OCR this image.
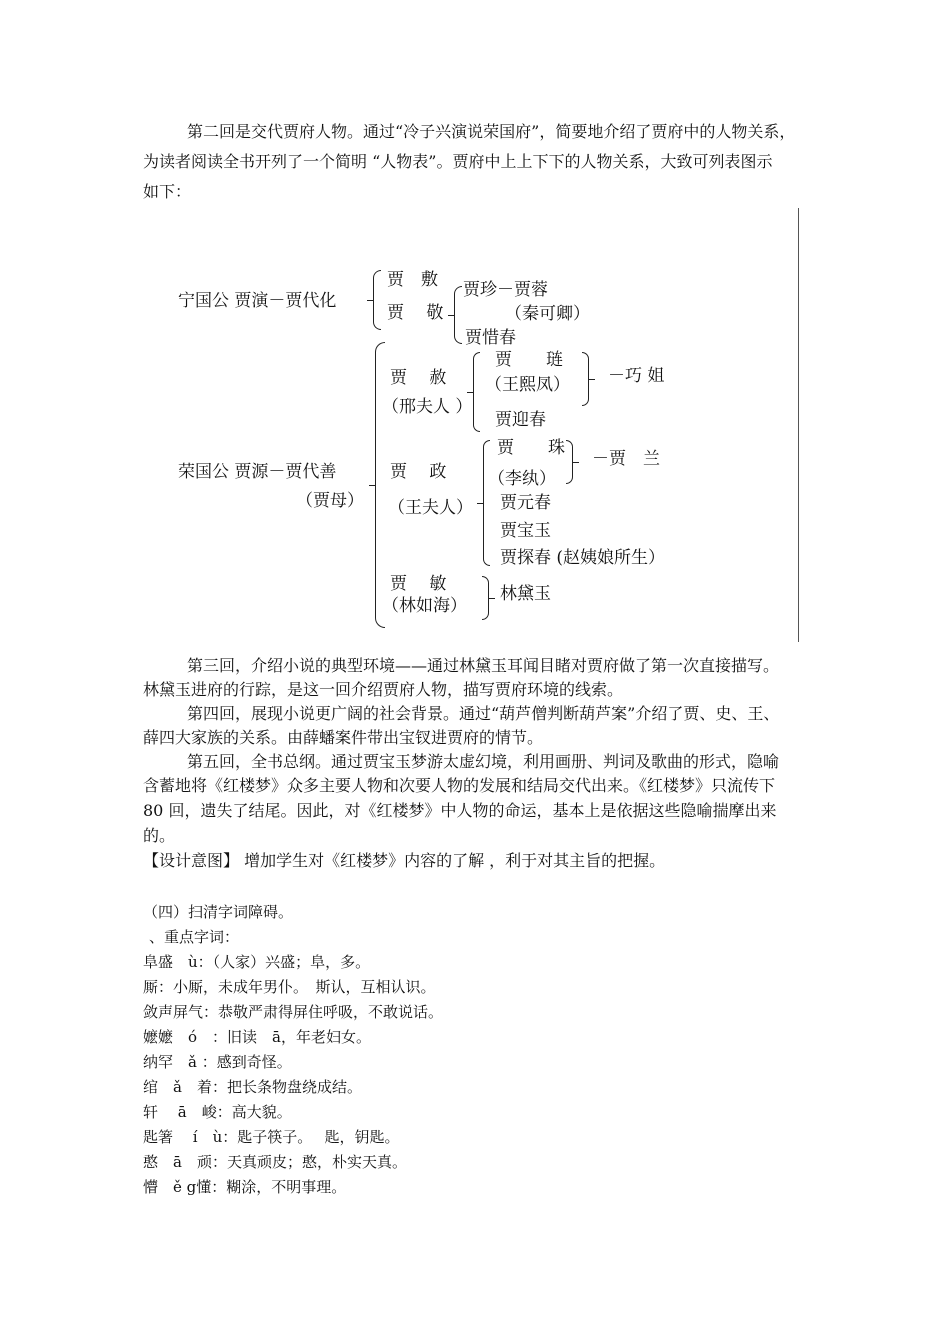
第二回是交代贾府人物。通过“冷子兴演说荣国府”，简要地介绍了贾府中的人物关系，
为读者阅读全书开列了一个简明 “人物表”。贾府中上上下下的人物关系，大致可列表图示
如下：
宁国公 贾演－贾代化
贾　敷
贾　 敬
贾珍－贾蓉
（秦可卿）
贾惜春
荣国公 贾源－贾代善
（贾母）
贾　 赦
（邢夫人 ）
贾　　琏
（王熙凤） －巧 姐
贾迎春
贾　 政
（王夫人）
贾　　珠
（李纨）
－贾　兰
贾元春
贾宝玉
贾探春 (赵姨娘所生）
贾　 敏
（林如海）
林黛玉
第三回，介绍小说的典型环境——通过林黛玉耳闻目睹对贾府做了第一次直接描写。
林黛玉进府的行踪，是这一回介绍贾府人物，描写贾府环境的线索。
第四回，展现小说更广阔的社会背景。通过“葫芦僧判断葫芦案”介绍了贾、史、王、
薛四大家族的关系。由薛蟠案件带出宝钗进贾府的情节。
第五回，全书总纲。通过贾宝玉梦游太虚幻境，利用画册、判词及歌曲的形式，隐喻
含蓄地将《红楼梦》众多主要人物和次要人物的发展和结局交代出来。《红楼梦》只流传下
80 回，遗失了结尾。因此，对《红楼梦》中人物的命运，基本上是依据这些隐喻揣摩出来
的。
【设计意图】 增加学生对《红楼梦》内容的了解 ，利于对其主旨的把握。
（四）扫清字词障碍。
、重点字词：
阜盛　ù：（人家）兴盛；阜，多。
厮：小厮，未成年男仆。　斯认，互相认识。
敛声屏气：恭敬严肃得屏住呼吸，不敢说话。
嬷嬷　ó　：旧读　ā，年老妇女。
纳罕　ǎ ：感到奇怪。
绾　ǎ　着：把长条物盘绕成结。
轩　 ā　峻：高大貌。
匙箸　 í　ù：匙子筷子。　 匙，钥匙。
憨　ā　顽：天真顽皮；憨，朴实天真。
懵　ě g懂：糊涂，不明事理。
